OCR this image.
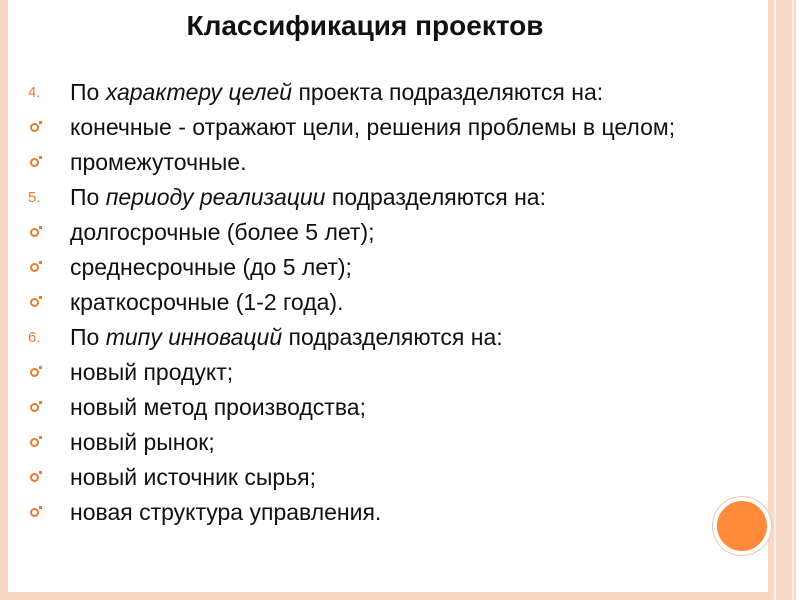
Классификация проектов
4. По характеру целей проекта подразделяются на:
конечные - отражают цели, решения проблемы в целом;
промежуточные.
5. По периоду реализации подразделяются на:
долгосрочные (более 5 лет);
среднесрочные (до 5 лет);
краткосрочные (1-2 года).
6. По типу инноваций подразделяются на:
новый продукт;
новый метод производства;
новый рынок;
новый источник сырья;
новая структура управления.
